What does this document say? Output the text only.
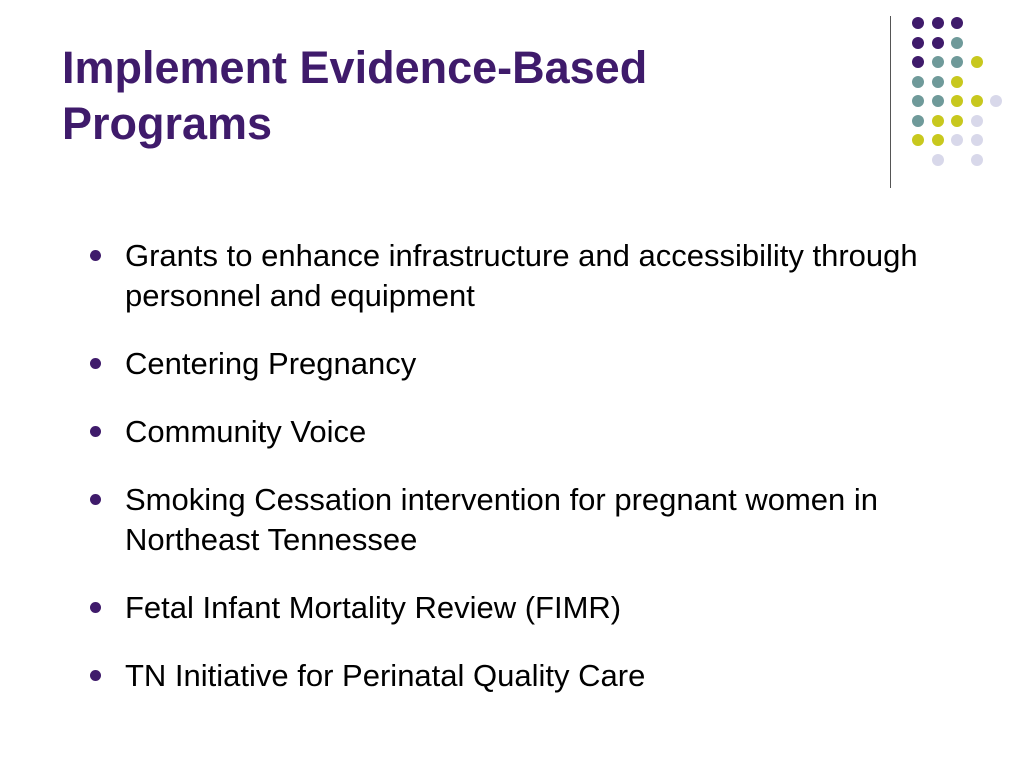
Implement Evidence-Based Programs
Grants to enhance infrastructure and accessibility through personnel and equipment
Centering Pregnancy
Community Voice
Smoking Cessation intervention for pregnant women in Northeast Tennessee
Fetal Infant Mortality Review (FIMR)
TN Initiative for Perinatal Quality Care
